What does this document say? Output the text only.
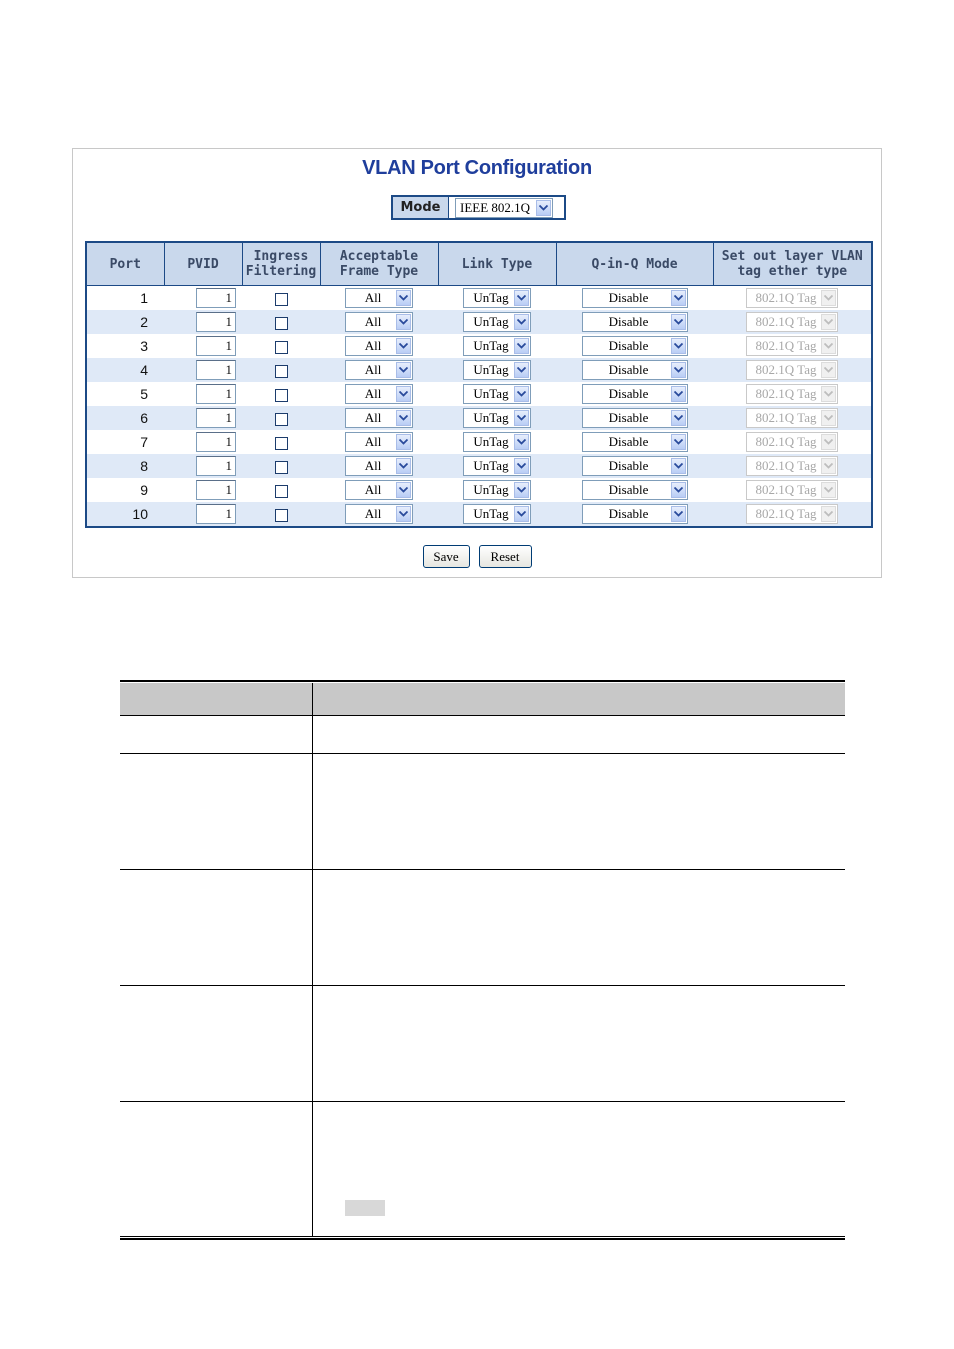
VLAN Port Configuration
Mode	IEEE 802.1Q
Port	PVID	Ingress Filtering	Acceptable Frame Type	Link Type	Q-in-Q Mode	Set out layer VLAN tag ether type
1	1		All	UnTag	Disable	802.1Q Tag

2	1		All	UnTag	Disable	802.1Q Tag

3	1		All	UnTag	Disable	802.1Q Tag

4	1		All	UnTag	Disable	802.1Q Tag

5	1		All	UnTag	Disable	802.1Q Tag

6	1		All	UnTag	Disable	802.1Q Tag

7	1		All	UnTag	Disable	802.1Q Tag

8	1		All	UnTag	Disable	802.1Q Tag

9	1		All	UnTag	Disable	802.1Q Tag

10	1		All	UnTag	Disable	802.1Q Tag
Save	Reset
